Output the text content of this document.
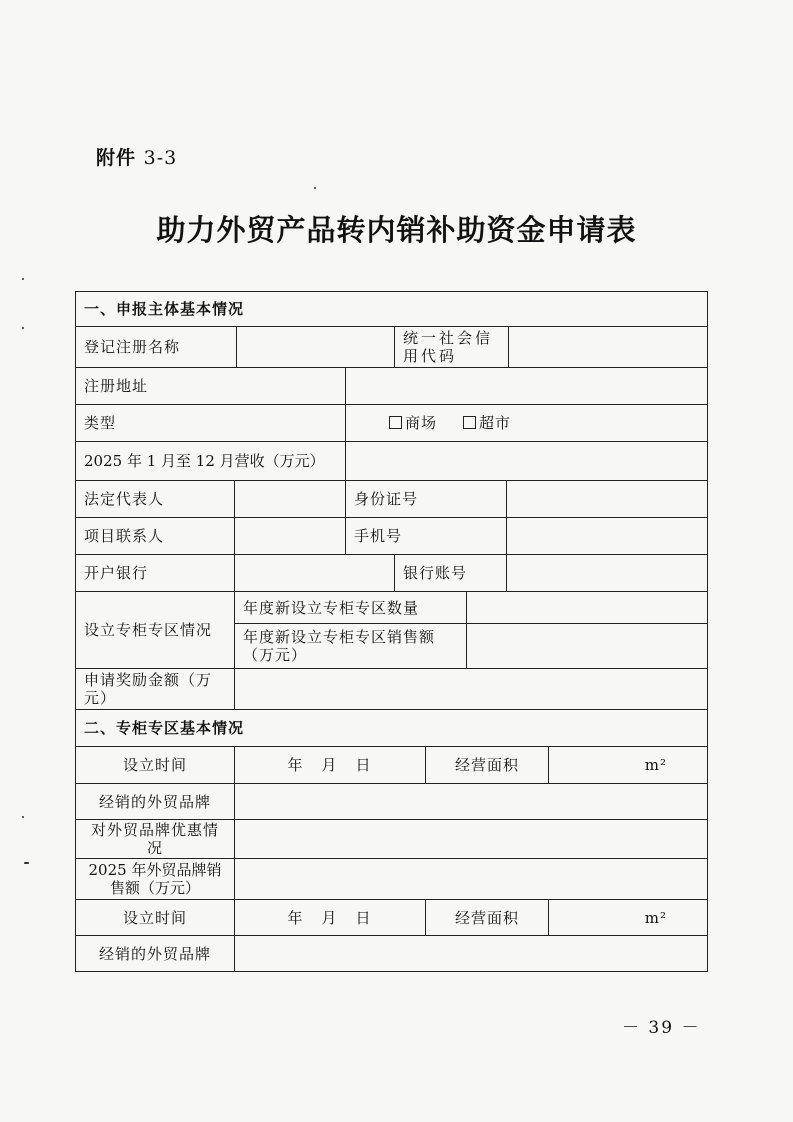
附件 3-3
助力外贸产品转内销补助资金申请表
一、申报主体基本情况
登记注册名称	统一社会信用代码
注册地址
类型	商场	超市
2025 年 1 月至 12 月营收（万元）
法定代表人	身份证号
项目联系人	手机号
开户银行	银行账号
设立专柜专区情况
年度新设立专柜专区数量
年度新设立专柜专区销售额（万元）
申请奖励金额（万元）
二、专柜专区基本情况
设立时间	年　月　日	经营面积	m²
经销的外贸品牌
对外贸品牌优惠情况
2025 年外贸品牌销售额（万元）
设立时间	年　月　日	经营面积	m²
经销的外贸品牌
－ 39 －
